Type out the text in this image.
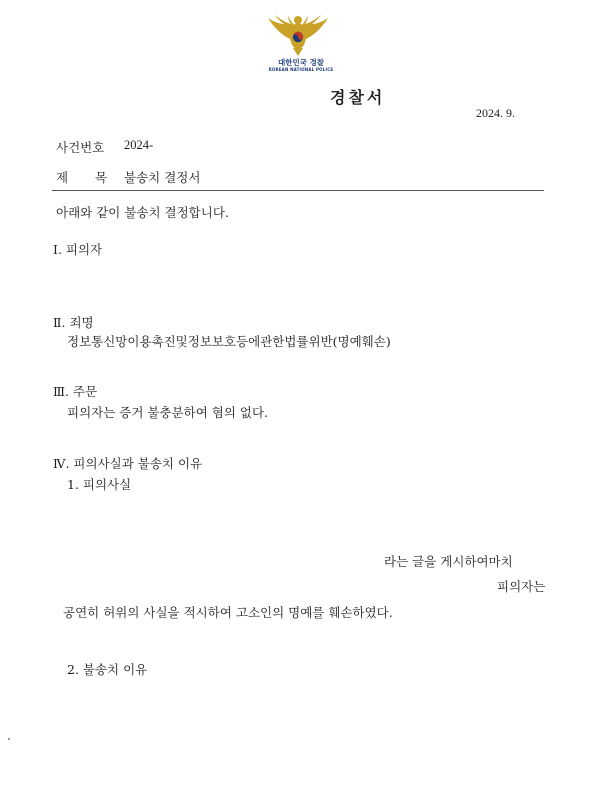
대한민국 경찰
KOREAN NATIONAL POLICE
경찰서
2024. 9.
사건번호 2024-
제 목 불송치 결정서
아래와 같이 불송치 결정합니다.
Ⅰ. 피의자
Ⅱ. 죄명
정보통신망이용촉진및정보보호등에관한법률위반(명예훼손)
Ⅲ. 주문
피의자는 증거 불충분하여 혐의 없다.
Ⅳ. 피의사실과 불송치 이유
1. 피의사실
라는 글을 게시하여마치
피의자는
공연히 허위의 사실을 적시하여 고소인의 명예를 훼손하였다.
2. 불송치 이유
